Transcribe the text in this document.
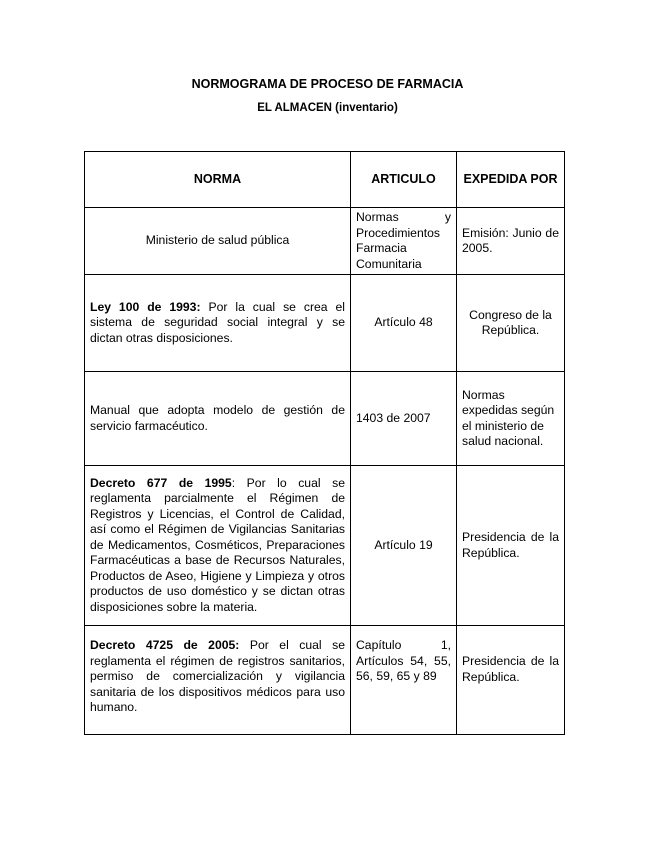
NORMOGRAMA DE PROCESO DE FARMACIA
EL ALMACEN (inventario)
NORMA	ARTICULO	EXPEDIDA POR
Ministerio de salud pública	Normas y Procedimientos Farmacia Comunitaria	Emisión: Junio de 2005.
Ley 100 de 1993: Por la cual se crea el sistema de seguridad social integral y se dictan otras disposiciones.	Artículo 48	Congreso de la República.
Manual que adopta modelo de gestión de servicio farmacéutico.	1403 de 2007	Normas expedidas según el ministerio de salud nacional.
Decreto 677 de 1995: Por lo cual se reglamenta parcialmente el Régimen de Registros y Licencias, el Control de Calidad, así como el Régimen de Vigilancias Sanitarias de Medicamentos, Cosméticos, Preparaciones Farmacéuticas a base de Recursos Naturales, Productos de Aseo, Higiene y Limpieza y otros productos de uso doméstico y se dictan otras disposiciones sobre la materia.	Artículo 19	Presidencia de la República.
Decreto 4725 de 2005: Por el cual se reglamenta el régimen de registros sanitarios, permiso de comercialización y vigilancia sanitaria de los dispositivos médicos para uso humano.	Capítulo 1, Artículos 54, 55, 56, 59, 65 y 89	Presidencia de la República.
